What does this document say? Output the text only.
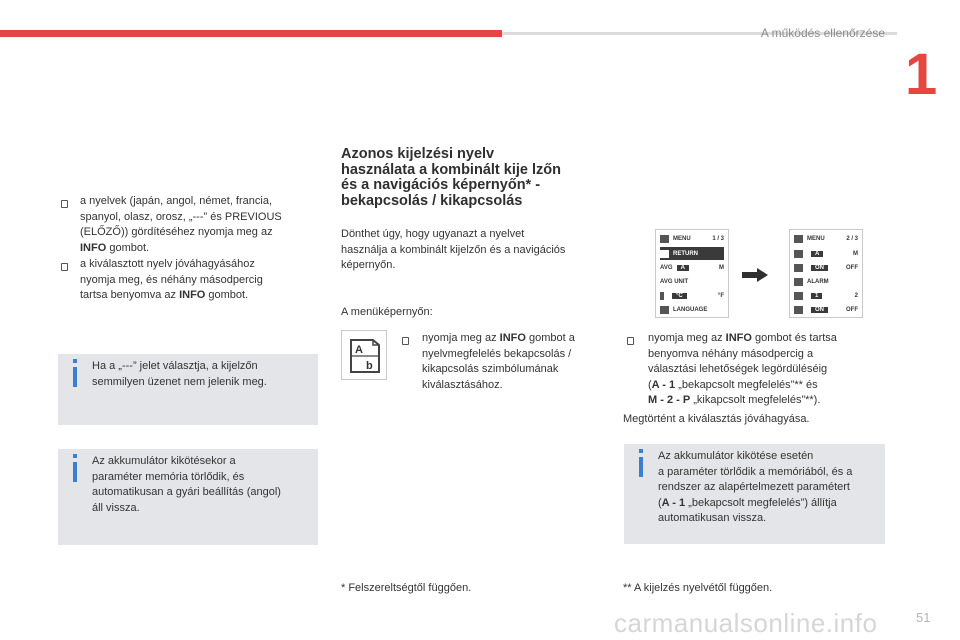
A működés ellenőrzése
1
a nyelvek (japán, angol, német, francia,
spanyol, olasz, orosz, „---” és PREVIOUS
(ELŐZŐ)) gördítéséhez nyomja meg az
INFO gombot.
a kiválasztott nyelv jóváhagyásához
nyomja meg, és néhány másodpercig
tartsa benyomva az INFO gombot.
Ha a „---” jelet választja, a kijelzőn
semmilyen üzenet nem jelenik meg.
Az akkumulátor kikötésekor a
paraméter memória törlődik, és
automatikusan a gyári beállítás (angol)
áll vissza.
Azonos kijelzési nyelv
használata a kombinált kije lzőn
és a navigációs képernyőn* -
bekapcsolás / kikapcsolás
Dönthet úgy, hogy ugyanazt a nyelvet
használja a kombinált kijelzőn és a navigációs
képernyőn.
A menüképernyőn:
A
b
nyomja meg az INFO gombot a
nyelvmegfelelés bekapcsolás /
kikapcsolás szimbólumának
kiválasztásához.
* Felszereltségtől függően.
MENU	1 / 3
RETURN
AVG	A	M
AVG UNIT
°C	°F
LANGUAGE
MENU	2 / 3
A	M
ON	OFF
ALARM
1	2
ON	OFF
nyomja meg az INFO gombot és tartsa
benyomva néhány másodpercig a
választási lehetőségek legördüléséig
(A - 1 „bekapcsolt megfelelés”** és
M - 2 - P „kikapcsolt megfelelés”**).
Megtörtént a kiválasztás jóváhagyása.
Az akkumulátor kikötése esetén
a paraméter törlődik a memóriából, és a
rendszer az alapértelmezett paramétert
(A - 1 „bekapcsolt megfelelés”) állítja
automatikusan vissza.
** A kijelzés nyelvétől függően.
carmanualsonline.info	51
